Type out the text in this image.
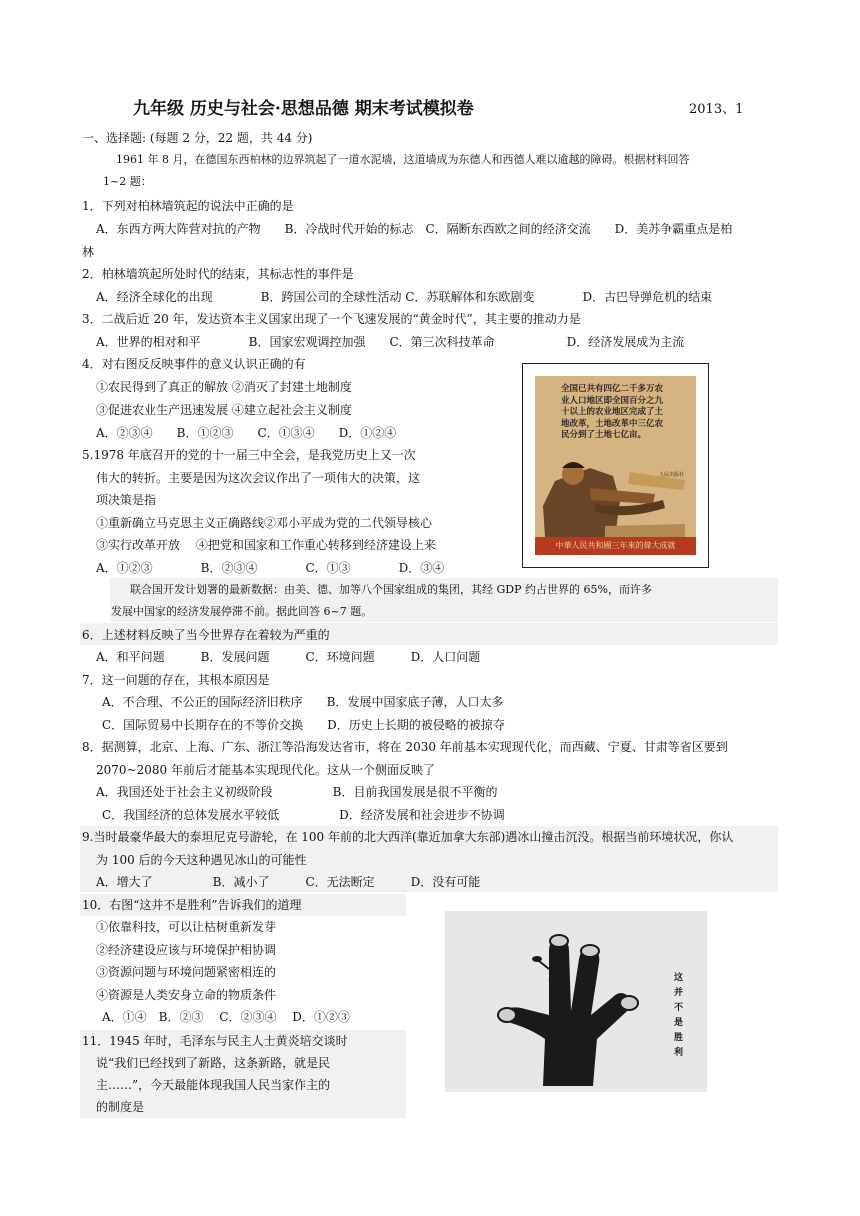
九年级 历史与社会·思想品德 期末考试模拟卷	2013、1
一、选择题: (每题 2 分，22 题，共 44 分)
1961 年 8 月，在德国东西柏林的边界筑起了一道水泥墙，这道墙成为东德人和西德人难以逾越的障碍。根据材料回答
1~2 题：
1．下列对柏林墙筑起的说法中正确的是
A．东西方两大阵营对抗的产物　　B．冷战时代开始的标志　C．隔断东西欧之间的经济交流　　D．美苏争霸重点是柏
林
2．柏林墙筑起所处时代的结束，其标志性的事件是
A．经济全球化的出现　　　　B．跨国公司的全球性活动 C．苏联解体和东欧剧变　　　　D．古巴导弹危机的结束
3．二战后近 20 年，发达资本主义国家出现了一个飞速发展的“黄金时代”，其主要的推动力是
A．世界的相对和平　　　　B．国家宏观调控加强　　C．第三次科技革命　　　　　　D．经济发展成为主流
4．对右图反反映事件的意义认识正确的有
①农民得到了真正的解放 ②消灭了封建土地制度
③促进农业生产迅速发展 ④建立起社会主义制度
A．②③④　　B．①②③　　C．①③④　　D．①②④
5.1978 年底召开的党的十一届三中全会，是我党历史上又一次
伟大的转折。主要是因为这次会议作出了一项伟大的决策，这
项决策是指
①重新确立马克思主义正确路线②邓小平成为党的二代领导核心
③实行改革开放　 ④把党和国家和工作重心转移到经济建设上来
A．①②③　　　　B．②③④　　　　C．①③　　　　D．③④
人民出版社
全国已共有四亿二千多万农业人口地区即全国百分之九十以上的农业地区完成了土地改革，土地改革中三亿农民分到了土地七亿亩。
中華人民共和國三年來的偉大成就
联合国开发计划署的最新数据：由美、德、加等八个国家组成的集团，其经 GDP 约占世界的 65%，而许多
发展中国家的经济发展停滞不前。据此回答 6~7 题。
6．上述材料反映了当今世界存在着较为严重的
A．和平问题　　　B．发展问题　　　C．环境问题　　　D．人口问题
7．这一问题的存在，其根本原因是
A．不合理、不公正的国际经济旧秩序　　B．发展中国家底子薄，人口太多
C．国际贸易中长期存在的不等价交换　　D．历史上长期的被侵略的被掠夺
8．据测算，北京、上海、广东、浙江等沿海发达省市，将在 2030 年前基本实现现代化，而西藏、宁夏、甘肃等省区要到
2070~2080 年前后才能基本实现现代化。这从一个侧面反映了
A．我国还处于社会主义初级阶段　　　　　B．目前我国发展是很不平衡的
C．我国经济的总体发展水平较低　　　　　D．经济发展和社会进步不协调
9.当时最豪华最大的泰坦尼克号游轮，在 100 年前的北大西洋(靠近加拿大东部)遇冰山撞击沉没。根据当前环境状况，你认
为 100 后的今天这种遇见冰山的可能性
A．增大了　　　　　B．减小了　　　C．无法断定　　　D．没有可能
10．右图“这并不是胜利”告诉我们的道理
①依靠科技，可以让枯树重新发芽
②经济建设应该与环境保护相协调
③资源问题与环境问题紧密相连的
④资源是人类安身立命的物质条件
A．①④　B．②③　 C．②③④　 D．①②③
这并不是胜利
11．1945 年时，毛泽东与民主人士黄炎培交谈时
说“我们已经找到了新路，这条新路，就是民
主……”，今天最能体现我国人民当家作主的
的制度是
